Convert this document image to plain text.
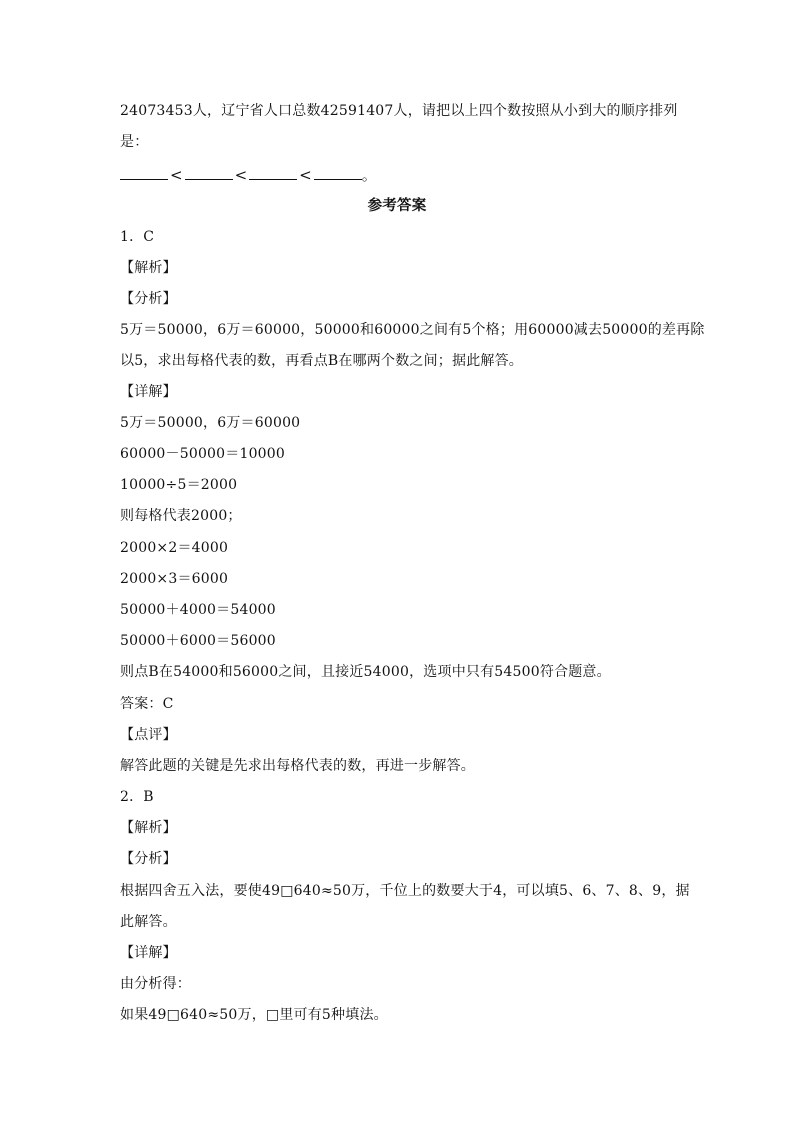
24073453人，辽宁省人口总数42591407人，请把以上四个数按照从小到大的顺序排列
是：
<	<	<	。
参考答案
1．C
【解析】
【分析】
5万＝50000，6万＝60000，50000和60000之间有5个格；用60000减去50000的差再除
以5，求出每格代表的数，再看点B在哪两个数之间；据此解答。
【详解】
5万＝50000，6万＝60000
60000－50000＝10000
10000÷5＝2000
则每格代表2000；
2000×2＝4000
2000×3＝6000
50000＋4000＝54000
50000＋6000＝56000
则点B在54000和56000之间，且接近54000，选项中只有54500符合题意。
答案：C
【点评】
解答此题的关键是先求出每格代表的数，再进一步解答。
2．B
【解析】
【分析】
根据四舍五入法，要使49□640≈50万，千位上的数要大于4，可以填5、6、7、8、9，据
此解答。
【详解】
由分析得：
如果49□640≈50万，□里可有5种填法。
